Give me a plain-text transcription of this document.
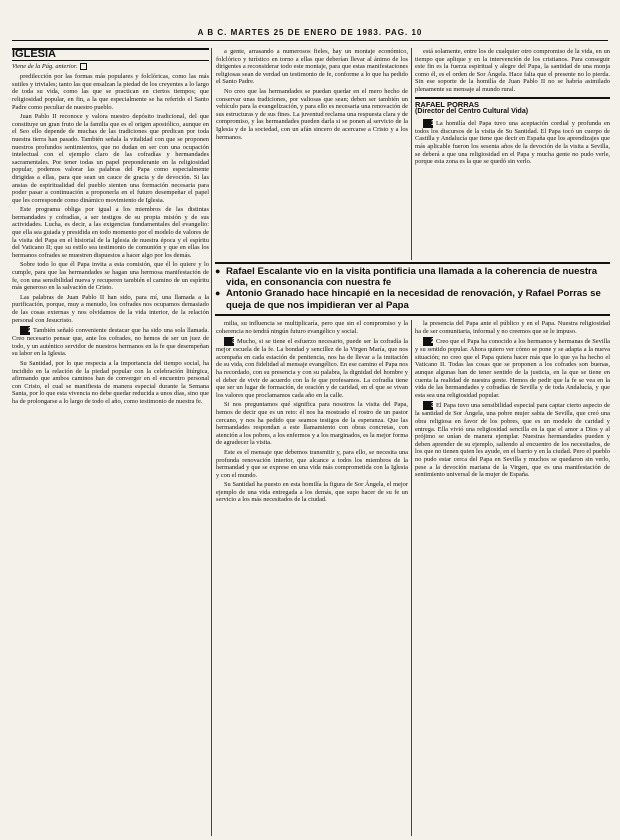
A B C. MARTES 25 DE ENERO DE 1983. PAG. 10
IGLESIA
Viene de la Pág. anterior.

predilección por las formas más populares y folclóricas, como las más sutiles y triviales; tanto las que ensalzan la piedad de los creyentes a lo largo de toda su vida, como las que se practican en ciertos tiempos; que religiosidad popular, en fin, a la que especialmente se ha referido el Santo Padre como peculiar de nuestro pueblo.

Juan Pablo II reconoce y valora nuestro depósito tradicional, del que constituye un gran fruto de la familia que es el origen apostólico, aunque en el Seo ello depende de muchas de las tradiciones que predican por toda nuestra tierra han pasado. También señala la vitalidad con que se proponen nuestros profundos sentimientos, que no dudan en ser con una ocupación intelectual con el ejemplo claro de las cofradías y hermandades sacramentales. Por tener todas un papel preponderante en la religiosidad popular, podemos valorar las palabras del Papa como especialmente dirigidas a ellas, para que sean un cauce de gracia y de devoción. Si las ansias de espiritualidad del pueblo sienten una formación necesaria para poder pasar a continuación a proponerla en el futuro desempeñar el papel que les corresponde como dinámico movimiento de Iglesia.

Este programa obliga por igual a los miembros de las distintas hermandades y cofradías, a ser testigos de su propia misión y de sus actividades. Lucha, es decir, a las exigencias fundamentales del evangelio: que ella sea guiada y presidida en todo momento por el modelo de valores de la visita del Papa en el historial de la Iglesia de nuestra época y el espíritu del Vaticano II; que su estilo sea testimonio de comunión y que en ellas los hermanos cofrades se muestren dispuestos a hacer algo por los demás.

Sobre todo lo que él Papa invita a esta comisión, que él lo quiere y lo cumple, para que las hermandades se hagan una hermosa manifestación de fe, con una sensibilidad nueva y recuperen también el camino de un espíritu más generoso en la salvación de Cristo.

Las palabras de Juan Pablo II han sido, para mí, una llamada a la purificación, porque, muy a menudo, los cofrades nos ocupamos demasiado de las cosas externas y nos olvidamos de la vida interior, de la relación personal con Jesucristo.

2También señaló conveniente destacar que ha sido una sola llamada. Creo necesario pensar que, ante los cofrades, no hemos de ser un juez de todo, y un auténtico servidor de nuestros hermanos en la fe que desempeñan su labor en la Iglesia.

Su Santidad, por lo que respecta a la importancia del tiempo social, ha incidido en la relación de la piedad popular con la celebración litúrgica, afirmando que ambos caminos han de converger en el encuentro personal con Cristo, el cual se manifiesta de manera especial durante la Semana Santa, por lo que esta vivencia no debe quedar reducida a unos días, sino que ha de prolongarse a lo largo de todo el año, como testimonio de nuestra fe.

a gente, arrasando a numerosos fieles, hay un montaje económico, folclórico y turístico en torno a ellas que deberían llevar al ánimo de los dirigentes a reconsiderar todo este montaje, para que estas manifestaciones religiosas sean de verdad un testimonio de fe, conforme a lo que ha pedido el Santo Padre.

No creo que las hermandades se puedan quedar en el mero hecho de conservar unas tradiciones, por valiosas que sean; deben ser también un vehículo para la evangelización, y para ello es necesaria una renovación de sus estructuras y de sus fines. La juventud reclama una respuesta clara y de compromiso, y las hermandades pueden darla si se ponen al servicio de la Iglesia y de la sociedad, con un afán sincero de acercarse a Cristo y a los hermanos.

está solamente, entre los de cualquier otro compromiso de la vida, en un tiempo que aplique y en la intervención de los cristianos. Para conseguir este fin es la fuerza espiritual y alegre del Papa, la santidad de una monja como él, es el orden de Sor Ángela. Hace falta que el presente no lo pierda. Sin ese soporte de la homilía de Juan Pablo II no se habría asimilado plenamente su mensaje al mundo rural.

RAFAEL PORRAS
(Director del Centro Cultural Vida)

1La homilía del Papa tuvo una aceptación cordial y profunda en todos los discursos de la visita de Su Santidad. El Papa tocó un cuerpo de Castilla y Andalucía que tiene que decir en España que los aprendizajes que más aplicable fueron los sesenta años de la devoción de la visita a Sevilla, se deberá a que una religiosidad en el Papa y mucha gente no pudo verle, porque esta zona es la que se quedó sin verlo.

● Rafael Escalante vio en la visita pontificia una llamada a la coherencia de nuestra vida, en consonancia con nuestra fe
● Antonio Granado hace hincapié en la necesidad de renovación, y Rafael Porras se queja de que nos impidieran ver al Papa

milia, su influencia se multiplicaría, pero que sin el compromiso y la coherencia no tendrá ningún futuro evangélico y social.

3Mucho, si se tiene el esfuerzo necesario, puede ser la cofradía la mejor escuela de la fe. La bondad y sencillez de la Virgen María, que nos acompaña en cada estación de penitencia, nos ha de llevar a la imitación de su vida, con fidelidad al mensaje evangélico. En ese camino el Papa nos ha recordado, con su presencia y con su palabra, la dignidad del hombre y el deber de vivir de acuerdo con la fe que profesamos. La cofradía tiene que ser un lugar de formación, de oración y de caridad, en el que se vivan los valores que proclamamos cada año en la calle.

Si nos preguntamos qué significa para nosotros la visita del Papa, hemos de decir que es un reto: él nos ha mostrado el rostro de un pastor cercano, y nos ha pedido que seamos testigos de la esperanza. Que las hermandades respondan a este llamamiento con obras concretas, con atención a los pobres, a los enfermos y a los marginados, es la mejor forma de agradecer la visita.

Este es el mensaje que debemos transmitir y, para ello, se necesita una profunda renovación interior, que alcance a todos los miembros de la hermandad y que se exprese en una vida más comprometida con la Iglesia y con el mundo.

Su Santidad ha puesto en esta homilía la figura de Sor Ángela, el mejor ejemplo de una vida entregada a los demás, que supo hacer de su fe un servicio a los más necesitados de la ciudad.

la presencia del Papa ante el público y en el Papa. Nuestra religiosidad ha de ser comunitaria, informal y no creemos que se le impuso.

2Creo que el Papa ha conocido a los hermanos y hermanas de Sevilla y su sentido popular. Ahora quiero ver cómo se pone y se adapta a la nueva situación; no creo que el Papa quiera hacer más que lo que ya ha hecho el Vaticano II. Todas las cosas que se proponen a los cofrades son buenas, aunque algunas han de tener sentido de la justicia, en la que se tiene en cuenta la realidad de nuestra gente. Hemos de pedir que la fe se vea en la vida de las hermandades y cofradías de Sevilla y de toda Andalucía, y que esta sea una religiosidad popular.

3El Papa tuvo una sensibilidad especial para captar cierto aspecto de la santidad de Sor Ángela, una pobre mujer sabia de Sevilla, que creó una obra religiosa en favor de los pobres, que es un modelo de caridad y entrega. Ella vivió una religiosidad sencilla en la que el amor a Dios y al prójimo se unían de manera ejemplar. Nuestras hermandades pueden y deben aprender de su ejemplo, saliendo al encuentro de los necesitados, de los que no tienen quien les ayude, en el barrio y en la ciudad. Pero el pueblo no pudo estar cerca del Papa en Sevilla y muchos se quedaron sin verlo, pese a la devoción mariana de la Virgen, que es una manifestación de sentimiento universal de la mujer de España.
